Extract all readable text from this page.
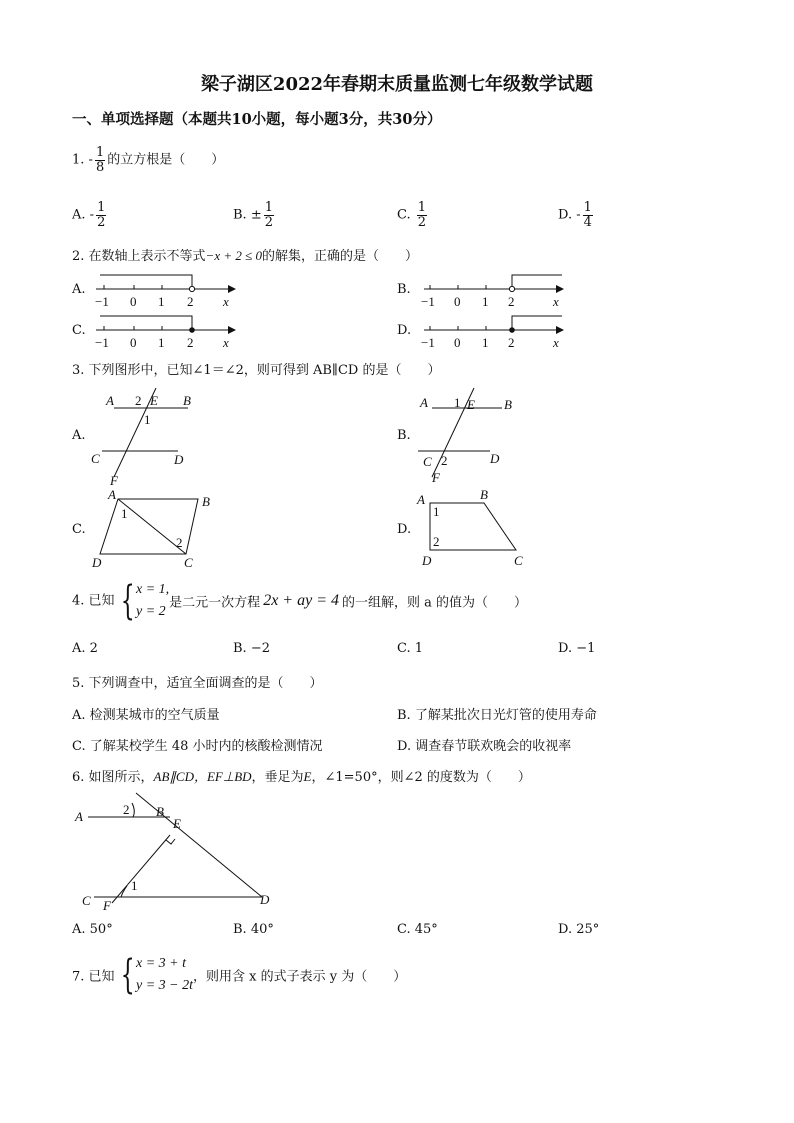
梁子湖区2022年春期末质量监测七年级数学试题
一、单项选择题（本题共10小题，每小题3分，共30分）
1. - $\frac{1}{8}$ 的立方根是（　　）
A. - $\frac{1}{2}$	B. ± $\frac{1}{2}$	C. $\frac{1}{2}$	D. - $\frac{1}{4}$
2. 在数轴上表示不等式−x + 2 ≤ 0的解集，正确的是（　　）
A.
−1 0 1 2 x
B.
−1 0 1 2	x
C.
−1 0 1 2 x
D.
−1 0 1 2	x
3. 下列图形中，已知∠1＝∠2，则可得到 AB∥CD 的是（　　）
A.
A 2 E B
1
C	D
F
B.
A 1 E B
C 2	D
F
C.
A	B
1
2
D	C
D.
A	B
1
2
D	C
4. 已知 { x = 1,
y = 2
是二元一次方程 2x + ay = 4 的一组解，则 a 的值为（　　）
A. 2	B. −2	C. 1	D. −1
5. 下列调查中，适宜全面调查的是（　　）
A. 检测某城市的空气质量	B. 了解某批次日光灯管的使用寿命
C. 了解某校学生 48 小时内的核酸检测情况	D. 调查春节联欢晚会的收视率
6. 如图所示，AB∥CD，EF⊥BD，垂足为E，∠1=50°，则∠2 的度数为（　　）
A	2 B
E
1
C F	D
A. 50°	B. 40°	C. 45°	D. 25°
7. 已知 { x = 3 + t
y = 3 − 2t
，则用含 x 的式子表示 y 为（　　）
